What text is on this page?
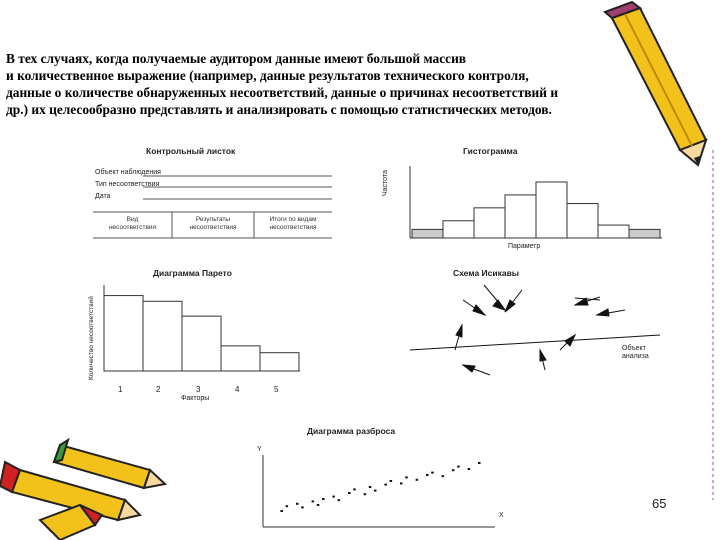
В тех случаях, когда получаемые аудитором данные имеют большой массив
и количественное выражение (например, данные результатов технического контроля,
данные о количестве обнаруженных несоответствий, данные о причинах несоответствий и
др.) их целесообразно представлять и анализировать с помощью статистических методов.

Контрольный листок
Объект наблюдения
Тип несоответствия
Дата
Вид
несоответствия
Результаты
несоответствия
Итоги по видам
несоответствия
Гистограмма
Частота
Параметр
Диаграмма Парето
Количество несоответствий
1	2	3	4	5
Факторы
Схема Исикавы
Объект
анализа
Диаграмма разброса
Y
X
65
